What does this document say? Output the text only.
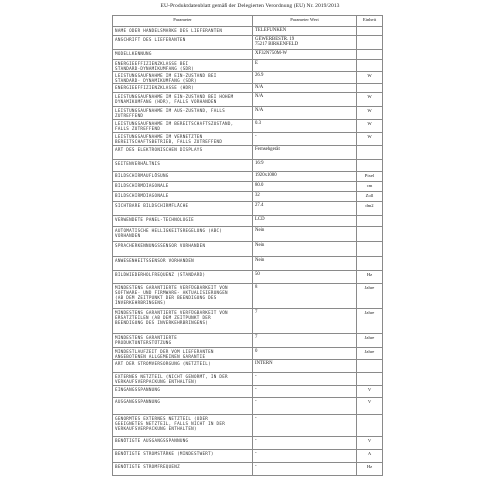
EU-Produktdatenblatt gemäß der Delegierten Verordnung (EU) Nr. 2019/2013
Parameter	Parameter Wert	Einheit
NAME ODER HANDELSMARKE DES LIEFERANTEN	TELEFUNKEN	
ANSCHRIFT DES LIEFERANTEN	GEWERBESTR. 19
75217 BIRKENFELD	
MODELLKENNUNG	XF32N750M-W	
ENERGIEEFFIZIENZKLASSE BEI
STANDARD-DYNAMIKUMFANG (SDR)	E	
LEISTUNGSAUFNAHME IM EIN-ZUSTAND BEI
STANDARD- DYNAMIKUMFANG (SDR)	26.9	W
ENERGIEEFFIZIENZKLASSE (HDR)	N/A	
LEISTUNGSAUFNAHME IM EIN-ZUSTAND BEI HOHEM
DYNAMIKUMFANG (HDR), FALLS VORHANDEN	N/A	W
LEISTUNGSAUFNAHME IM AUS-ZUSTAND, FALLS
ZUTREFFEND	N/A	W
LEISTUNGSAUFNAHME IM BEREITSCHAFTSZUSTAND,
FALLS ZUTREFFEND	0.3	W
LEISTUNGSAUFNAHME IM VERNETZTEN
BEREITSCHAFTSBETRIEB, FALLS ZUTREFFEND	-	W
ART DES ELEKTRONISCHEN DISPLAYS	Fernsehgerät	
SEITENVERHÄLTNIS	16:9	
BILDSCHIRMAUFLÖSUNG	1920x1080	Pixel
BILDSCHIRMDIAGONALE	80.0	cm
BILDSCHIRMDIAGONALE	32	Zoll
SICHTBARE BILDSCHIRMFLÄCHE	27.4	dm2
VERWENDETE PANEL-TECHNOLOGIE	LCD	
AUTOMATISCHE HELLIGKEITSREGELUNG (ABC)
VORHANDEN	Nein	
SPRACHERKENNUNGSSENSOR VORHANDEN	Nein	
ANWESENHEITSSENSOR VORHANDEN	Nein	
BILDWIEDERHOLFREQUENZ (STANDARD)	50	Hz
MINDESTENS GARANTIERTE VERFÜGBARKEIT VON
SOFTWARE- UND FIRMWARE- AKTUALISIERUNGEN
(AB DEM ZEITPUNKT DER BEENDIGUNG DES
INVERKEHRBRINGENS)	8	Jahre
MINDESTENS GARANTIERTE VERFÜGBARKEIT VON
ERSATZTEILEN (AB DEM ZEITPUNKT DER
BEENDIGUNG DES INVERKEHRBRINGENS)	7	Jahre
MINDESTENS GARANTIERTE
PRODUKTUNTERSTÜTZUNG	7	Jahre
MINDESTLAUFZEIT DER VOM LIEFERANTEN
ANGEBOTENEN ALLGEMEINEN GARANTIE	0	Jahre
ART DER STROMVERSORGUNG (NETZTEIL)	INTERN	
EXTERNES NETZTEIL (NICHT GENORMT, IN DER
VERKAUFSVERPACKUNG ENTHALTEN)	-	
EINGANGSSPANNUNG	-	V
AUSGANGSSPANNUNG	-	V
GENORMTES EXTERNES NETZTEIL (ODER
GEEIGNETES NETZTEIL, FALLS NICHT IN DER
VERKAUFSVERPACKUNG ENTHALTEN)	-	
BENÖTIGTE AUSGANGSSPANNUNG	-	V
BENÖTIGTE STROMSTÄRKE (MINDESTWERT)	-	A
BENÖTIGTE STROMFREQUENZ	-	Hz
